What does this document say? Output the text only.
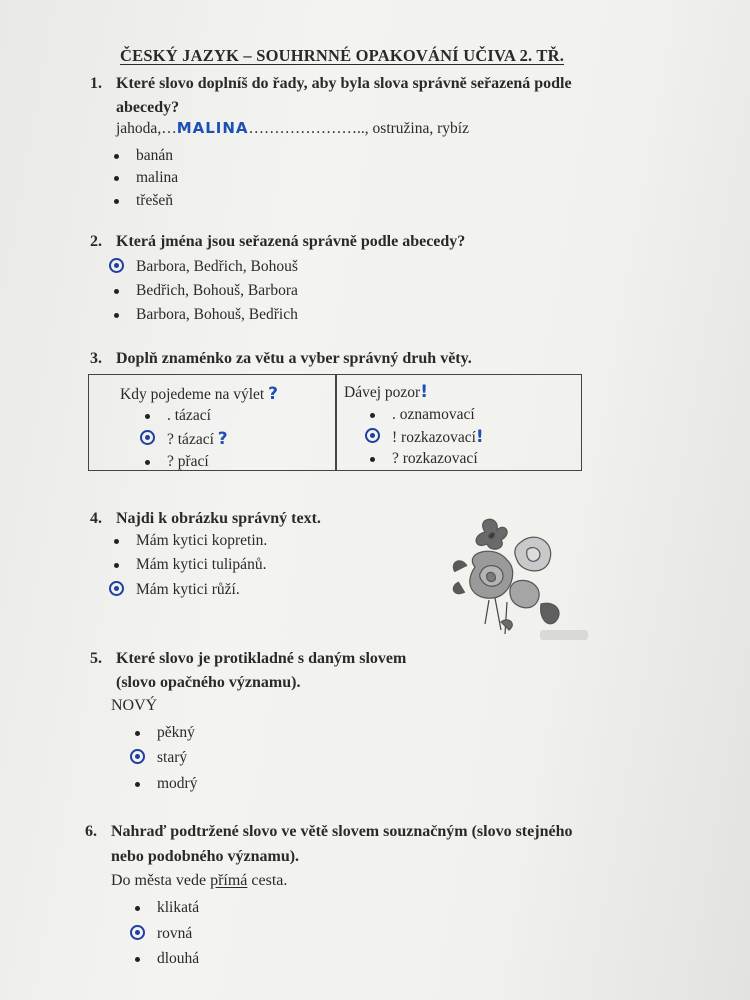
ČESKÝ JAZYK – SOUHRNNÉ OPAKOVÁNÍ UČIVA 2. TŘ.
1. Které slovo doplníš do řady, aby byla slova správně seřazená podle
abecedy?
jahoda,…MALINA………………….., ostružina, rybíz
banán
malina
třešeň
2. Která jména jsou seřazená správně podle abecedy?
Barbora, Bedřich, Bohouš
Bedřich, Bohouš, Barbora
Barbora, Bohouš, Bedřich
3. Doplň znaménko za větu a vyber správný druh věty.
Kdy pojedeme na výlet ?
. tázací
? tázací ?
? přací
Dávej pozor!
. oznamovací
! rozkazovací!
? rozkazovací
4. Najdi k obrázku správný text.
Mám kytici kopretin.
Mám kytici tulipánů.
Mám kytici růží.
5. Které slovo je protikladné s daným slovem
(slovo opačného významu).
NOVÝ
pěkný
starý
modrý
6. Nahraď podtržené slovo ve větě slovem souznačným (slovo stejného
nebo podobného významu).
Do města vede přímá cesta.
klikatá
rovná
dlouhá
